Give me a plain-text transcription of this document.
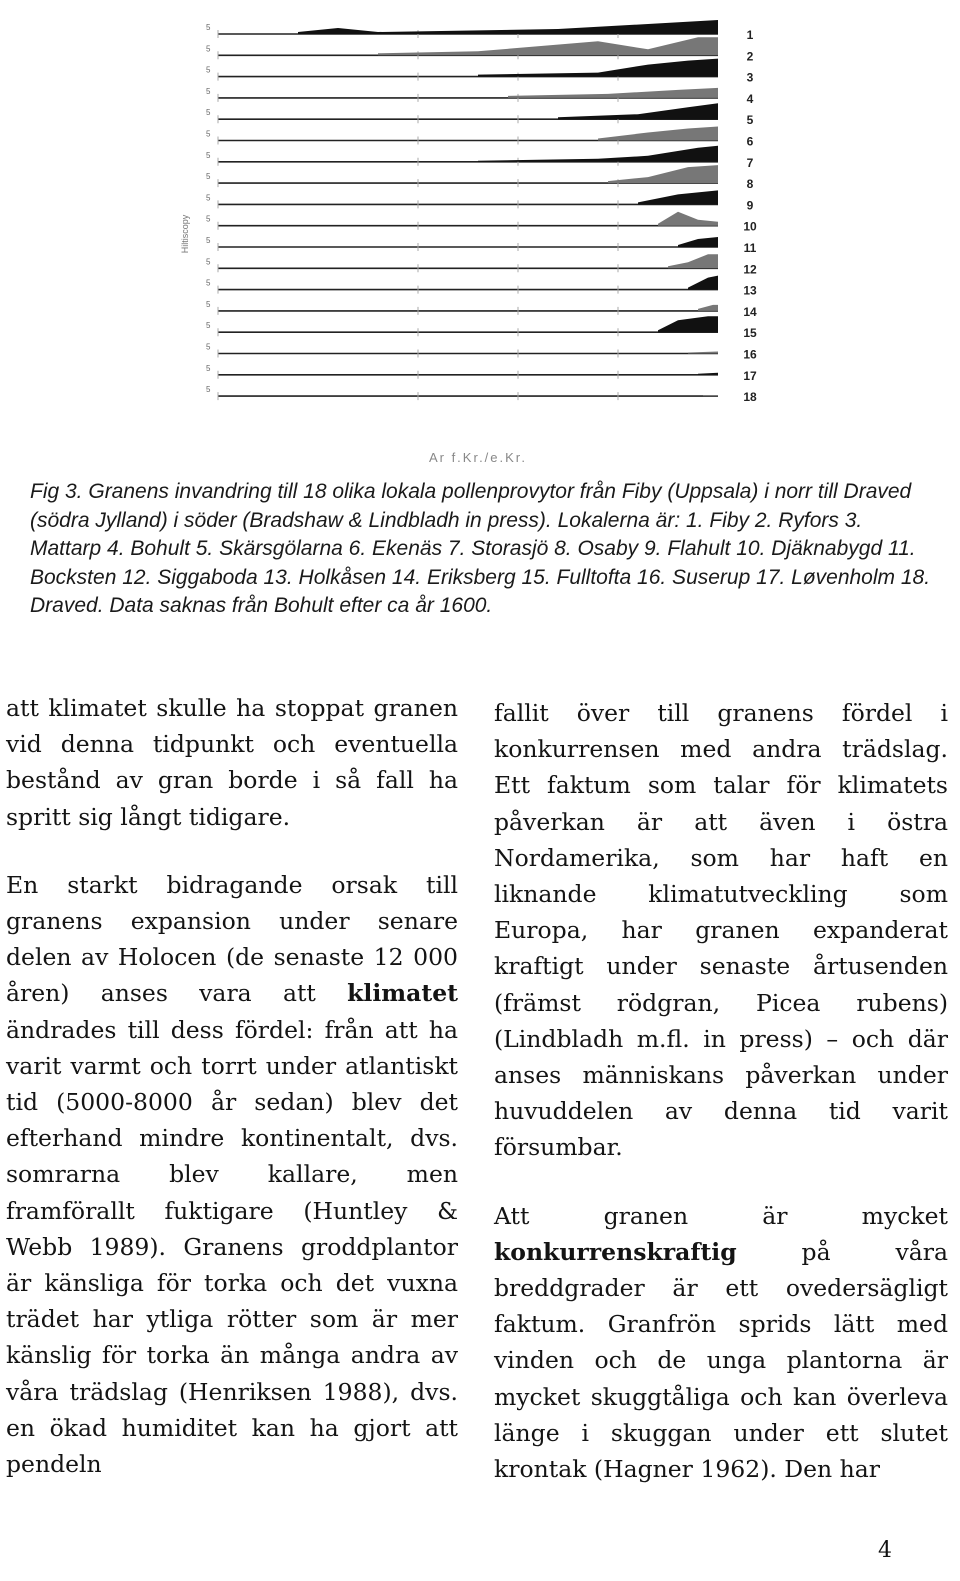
5
1
5
2
5
3
5
4
5
5
5
6
5
7
5
8
5
9
5
10
5
11
5
12
5
13
5
14
5
15
5
16
5
17
5
18
Hiltiscopy
Ar f.Kr./e.Kr.

Fig 3. Granens invandring till 18 olika lokala pollenprovytor från Fiby (Uppsala) i norr till Draved (södra Jylland) i söder (Bradshaw & Lindbladh in press). Lokalerna är: 1. Fiby 2. Ryfors 3. Mattarp 4. Bohult 5. Skärsgölarna 6. Ekenäs 7. Storasjö 8. Osaby 9. Flahult 10. Djäknabygd 11. Bocksten 12. Siggaboda 13. Holkåsen 14. Eriksberg 15. Fulltofta 16. Suserup 17. Løvenholm 18. Draved. Data saknas från Bohult efter ca år 1600.

att klimatet skulle ha stoppat granen vid denna tidpunkt och eventuella bestånd av gran borde i så fall ha spritt sig långt tidigare.

En starkt bidragande orsak till granens expansion under senare delen av Holocen (de senaste 12 000 åren) anses vara att klimatet ändrades till dess fördel: från att ha varit varmt och torrt under atlantiskt tid (5000-8000 år sedan) blev det efterhand mindre kontinentalt, dvs. somrarna blev kallare, men framförallt fuktigare (Huntley & Webb 1989). Granens groddplantor är känsliga för torka och det vuxna trädet har ytliga rötter som är mer känslig för torka än många andra av våra trädslag (Henriksen 1988), dvs. en ökad humiditet kan ha gjort att pendeln

fallit över till granens fördel i konkurrensen med andra trädslag. Ett faktum som talar för klimatets påverkan är att även i östra Nordamerika, som har haft en liknande klimatutveckling som Europa, har granen expanderat kraftigt under senaste årtusenden (främst rödgran, Picea rubens) (Lindbladh m.fl. in press) – och där anses människans påverkan under huvuddelen av denna tid varit försumbar.

Att granen är mycket konkurrenskraftig på våra breddgrader är ett ovedersägligt faktum. Granfrön sprids lätt med vinden och de unga plantorna är mycket skuggtåliga och kan överleva länge i skuggan under ett slutet krontak (Hagner 1962). Den har

4
